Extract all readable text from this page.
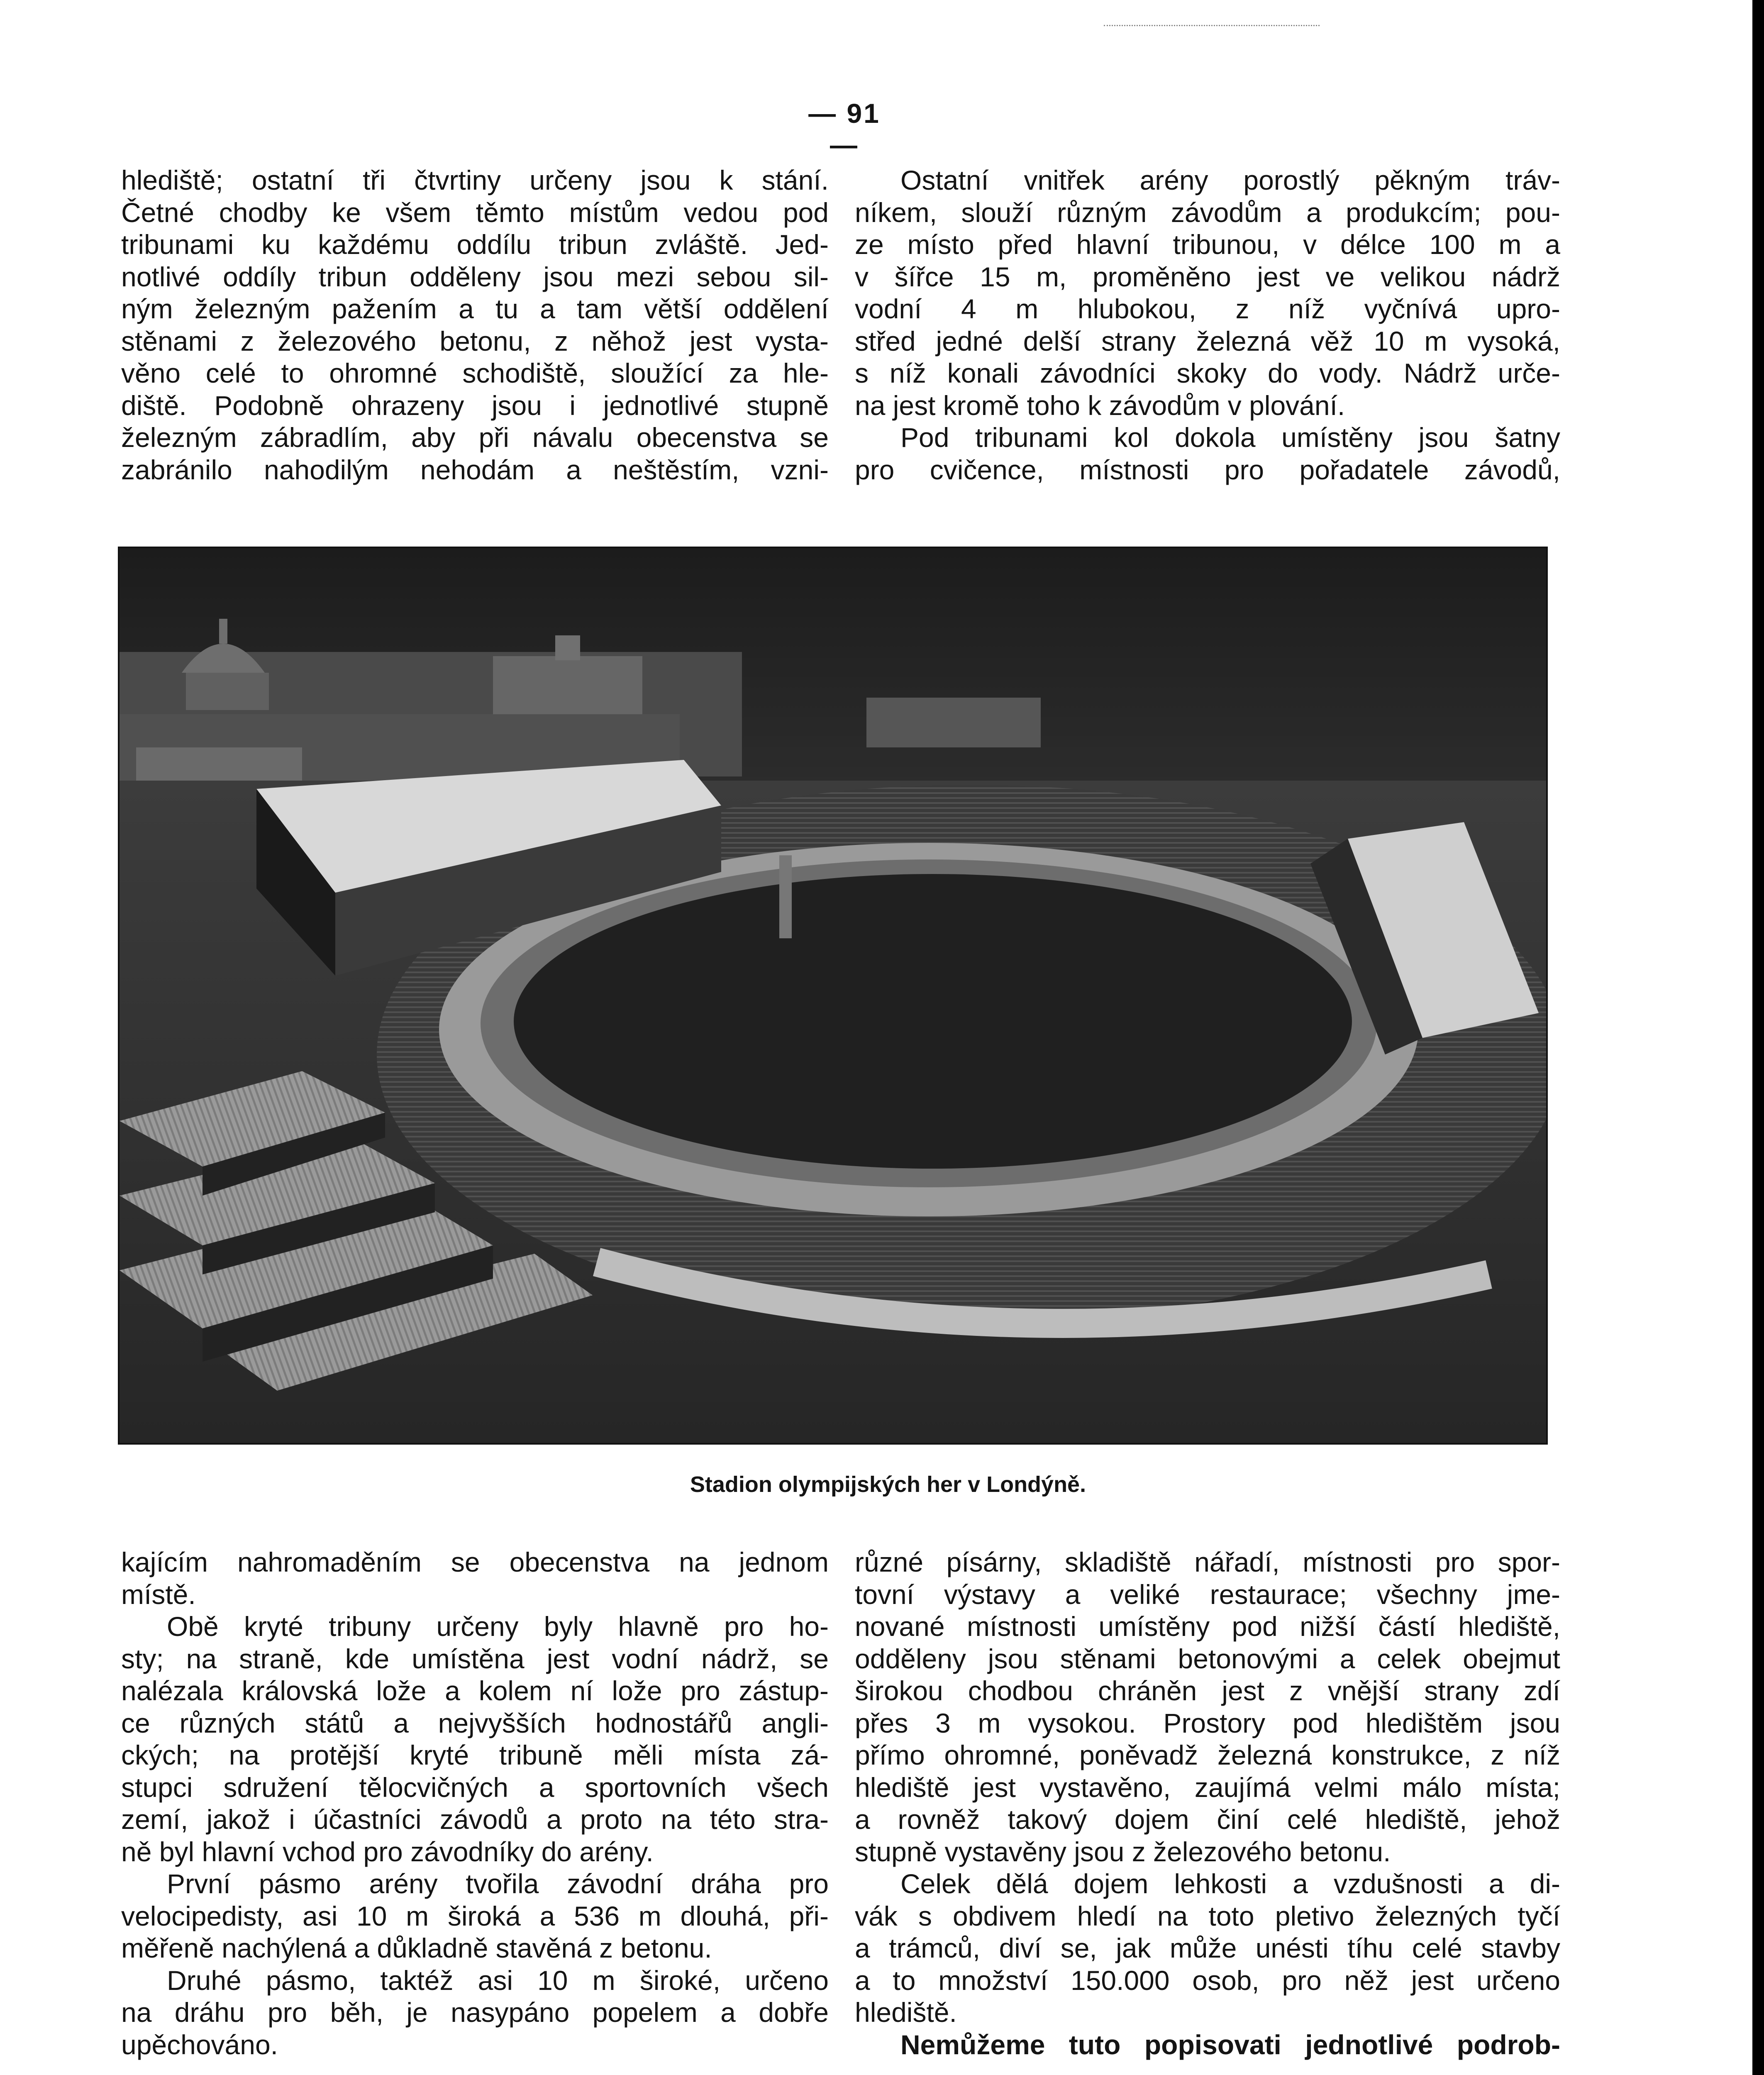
— 91 —
hlediště; ostatní tři čtvrtiny určeny jsou k stání.
Četné chodby ke všem těmto místům vedou pod
tribunami ku každému oddílu tribun zvláště. Jed-
notlivé oddíly tribun odděleny jsou mezi sebou sil-
ným železným pažením a tu a tam větší oddělení
stěnami z železového betonu, z něhož jest vysta-
věno celé to ohromné schodiště, sloužící za hle-
diště. Podobně ohrazeny jsou i jednotlivé stupně
železným zábradlím, aby při návalu obecenstva se
zabránilo nahodilým nehodám a neštěstím, vzni-
Ostatní vnitřek arény porostlý pěkným tráv-
níkem, slouží různým závodům a produkcím; pou-
ze místo před hlavní tribunou, v délce 100 m a
v šířce 15 m, proměněno jest ve velikou nádrž
vodní 4 m hlubokou, z níž vyčnívá upro-
střed jedné delší strany železná věž 10 m vysoká,
s níž konali závodníci skoky do vody. Nádrž urče-
na jest kromě toho k závodům v plování.
Pod tribunami kol dokola umístěny jsou šatny
pro cvičence, místnosti pro pořadatele závodů,
Stadion olympijských her v Londýně.
kajícím nahromaděním se obecenstva na jednom
místě.
Obě kryté tribuny určeny byly hlavně pro ho-
sty; na straně, kde umístěna jest vodní nádrž, se
nalézala královská lože a kolem ní lože pro zástup-
ce různých států a nejvyšších hodnostářů angli-
ckých; na protější kryté tribuně měli místa zá-
stupci sdružení tělocvičných a sportovních všech
zemí, jakož i účastníci závodů a proto na této stra-
ně byl hlavní vchod pro závodníky do arény.
První pásmo arény tvořila závodní dráha pro
velocipedisty, asi 10 m široká a 536 m dlouhá, při-
měřeně nachýlená a důkladně stavěná z betonu.
Druhé pásmo, taktéž asi 10 m široké, určeno
na dráhu pro běh, je nasypáno popelem a dobře
upěchováno.
různé písárny, skladiště nářadí, místnosti pro spor-
tovní výstavy a veliké restaurace; všechny jme-
nované místnosti umístěny pod nižší částí hlediště,
odděleny jsou stěnami betonovými a celek obejmut
širokou chodbou chráněn jest z vnější strany zdí
přes 3 m vysokou. Prostory pod hledištěm jsou
přímo ohromné, poněvadž železná konstrukce, z níž
hlediště jest vystavěno, zaujímá velmi málo místa;
a rovněž takový dojem činí celé hlediště, jehož
stupně vystavěny jsou z železového betonu.
Celek dělá dojem lehkosti a vzdušnosti a di-
vák s obdivem hledí na toto pletivo železných tyčí
a trámců, diví se, jak může unésti tíhu celé stavby
a to množství 150.000 osob, pro něž jest určeno
hlediště.
Nemůžeme tuto popisovati jednotlivé podrob-
